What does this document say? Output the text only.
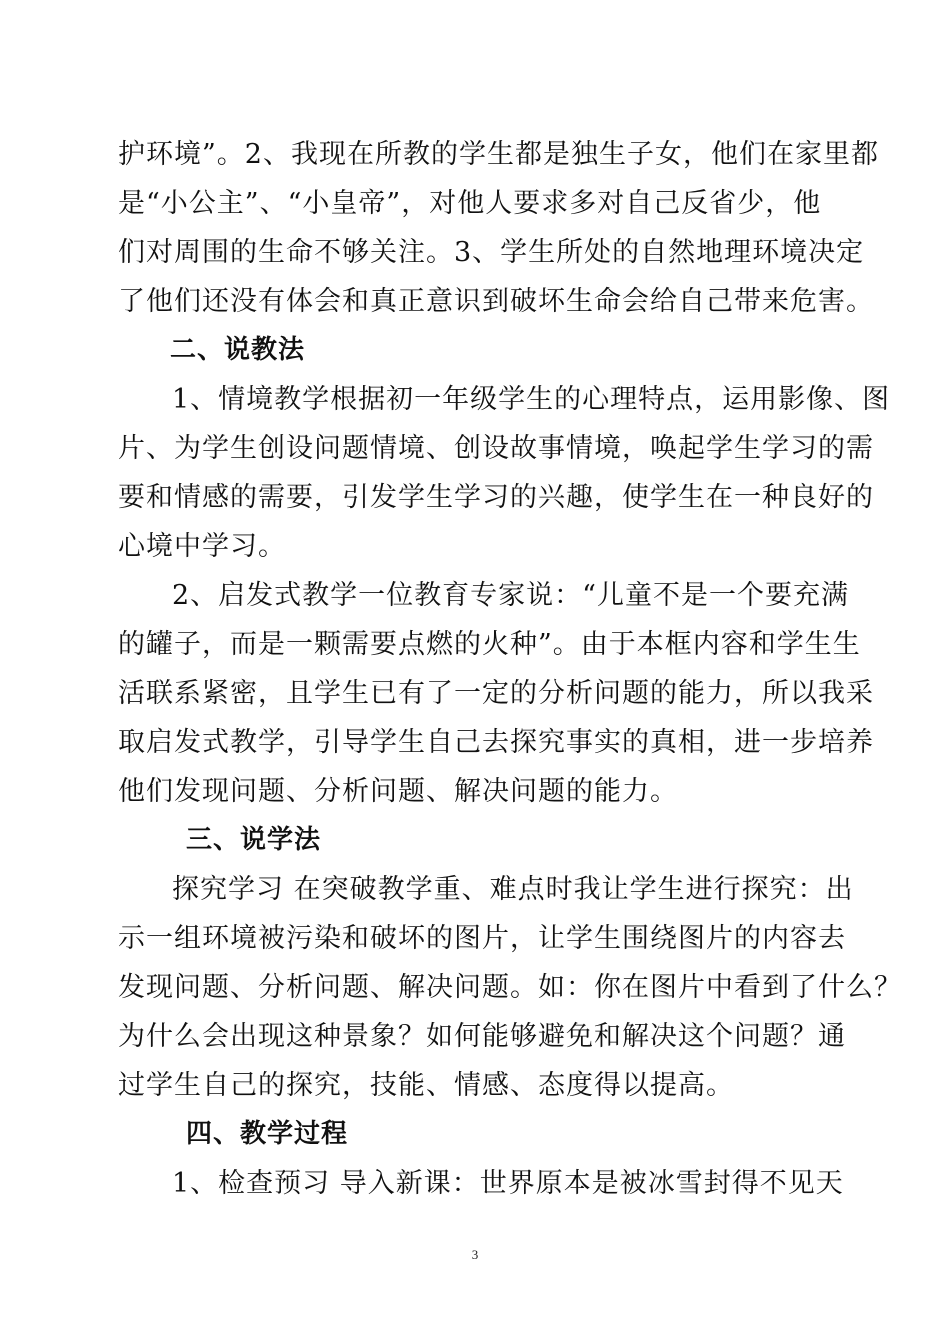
护环境”。2、我现在所教的学生都是独生子女，他们在家里都
是“小公主”、“小皇帝”，对他人要求多对自己反省少，他
们对周围的生命不够关注。3、学生所处的自然地理环境决定
了他们还没有体会和真正意识到破坏生命会给自己带来危害。
二、说教法
1、情境教学根据初一年级学生的心理特点，运用影像、图
片、为学生创设问题情境、创设故事情境，唤起学生学习的需
要和情感的需要，引发学生学习的兴趣，使学生在一种良好的
心境中学习。
2、启发式教学一位教育专家说：“儿童不是一个要充满
的罐子，而是一颗需要点燃的火种”。由于本框内容和学生生
活联系紧密，且学生已有了一定的分析问题的能力，所以我采
取启发式教学，引导学生自己去探究事实的真相，进一步培养
他们发现问题、分析问题、解决问题的能力。
三、说学法
探究学习 在突破教学重、难点时我让学生进行探究：出
示一组环境被污染和破坏的图片，让学生围绕图片的内容去
发现问题、分析问题、解决问题。如：你在图片中看到了什么？
为什么会出现这种景象？如何能够避免和解决这个问题？通
过学生自己的探究，技能、情感、态度得以提高。
四、教学过程
1、检查预习 导入新课：世界原本是被冰雪封得不见天
3
